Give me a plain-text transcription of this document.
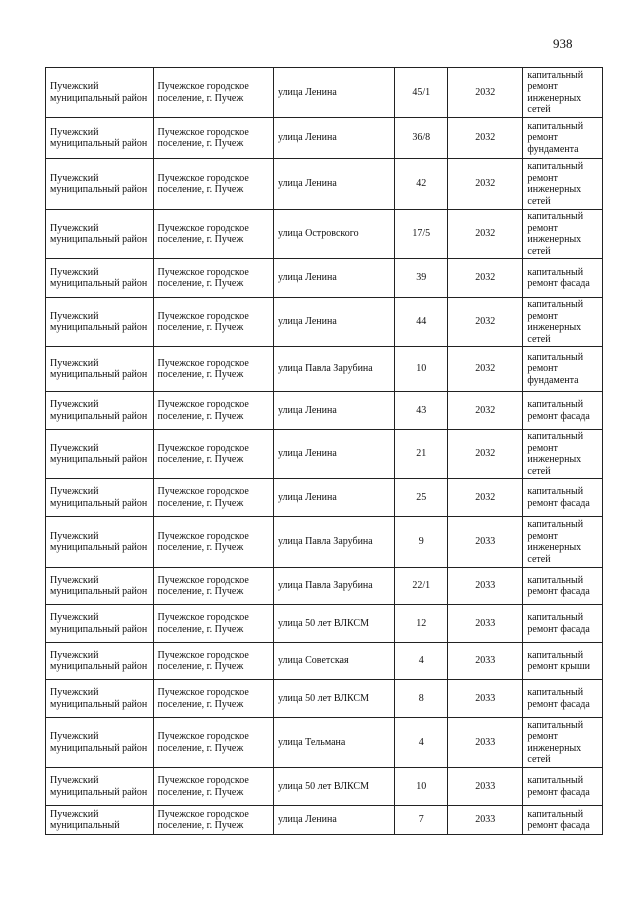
938
Пучежский муниципальный район	Пучежское городское поселение, г. Пучеж	улица Ленина	45/1	2032	капитальный ремонт инженерных сетей
Пучежский муниципальный район	Пучежское городское поселение, г. Пучеж	улица Ленина	36/8	2032	капитальный ремонт фундамента
Пучежский муниципальный район	Пучежское городское поселение, г. Пучеж	улица Ленина	42	2032	капитальный ремонт инженерных сетей
Пучежский муниципальный район	Пучежское городское поселение, г. Пучеж	улица Островского	17/5	2032	капитальный ремонт инженерных сетей
Пучежский муниципальный район	Пучежское городское поселение, г. Пучеж	улица Ленина	39	2032	капитальный ремонт фасада
Пучежский муниципальный район	Пучежское городское поселение, г. Пучеж	улица Ленина	44	2032	капитальный ремонт инженерных сетей
Пучежский муниципальный район	Пучежское городское поселение, г. Пучеж	улица Павла Зарубина	10	2032	капитальный ремонт фундамента
Пучежский муниципальный район	Пучежское городское поселение, г. Пучеж	улица Ленина	43	2032	капитальный ремонт фасада
Пучежский муниципальный район	Пучежское городское поселение, г. Пучеж	улица Ленина	21	2032	капитальный ремонт инженерных сетей
Пучежский муниципальный район	Пучежское городское поселение, г. Пучеж	улица Ленина	25	2032	капитальный ремонт фасада
Пучежский муниципальный район	Пучежское городское поселение, г. Пучеж	улица Павла Зарубина	9	2033	капитальный ремонт инженерных сетей
Пучежский муниципальный район	Пучежское городское поселение, г. Пучеж	улица Павла Зарубина	22/1	2033	капитальный ремонт фасада
Пучежский муниципальный район	Пучежское городское поселение, г. Пучеж	улица 50 лет ВЛКСМ	12	2033	капитальный ремонт фасада
Пучежский муниципальный район	Пучежское городское поселение, г. Пучеж	улица Советская	4	2033	капитальный ремонт крыши
Пучежский муниципальный район	Пучежское городское поселение, г. Пучеж	улица 50 лет ВЛКСМ	8	2033	капитальный ремонт фасада
Пучежский муниципальный район	Пучежское городское поселение, г. Пучеж	улица Тельмана	4	2033	капитальный ремонт инженерных сетей
Пучежский муниципальный район	Пучежское городское поселение, г. Пучеж	улица 50 лет ВЛКСМ	10	2033	капитальный ремонт фасада
Пучежский муниципальный	Пучежское городское поселение, г. Пучеж	улица Ленина	7	2033	капитальный ремонт фасада
